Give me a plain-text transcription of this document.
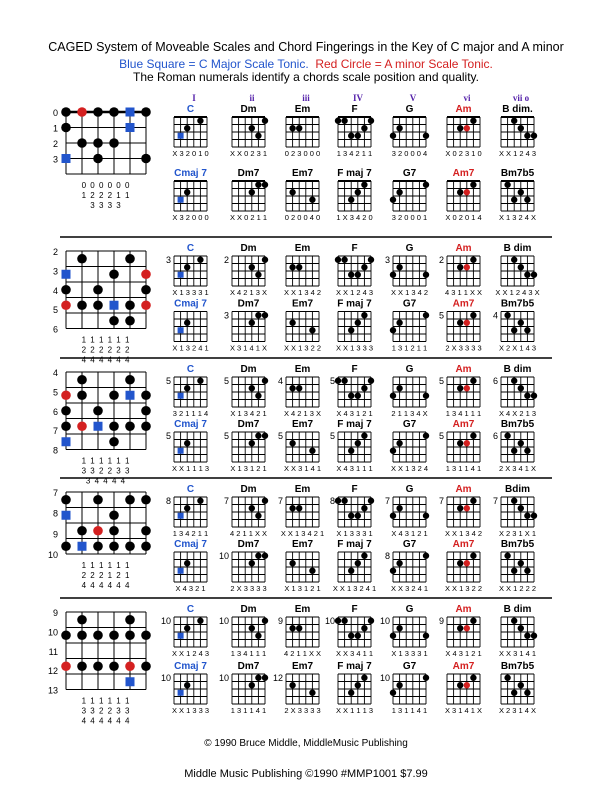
CAGED System of Moveable Scales and Chord Fingerings in the Key of C major and A minor
Blue Square = C Major Scale Tonic. Red Circle = A minor Scale Tonic.
The Roman numerals identify a chords scale position and quality.
I	ii	iii	IV	V	vi	vii o
0
1
2
3
0 0 0 0 0 0
1 2 2 2 1 1
3 3 3 3
C
X 3 2 0 1 0
Dm
X X 0 2 3 1
Em
0 2 3 0 0 0
F
1 3 4 2 1 1
G
3 2 0 0 0 4
Am
X 0 2 3 1 0
B dim.
X X 1 2 4 3
Cmaj 7
X 3 2 0 0 0
Dm7
X X 0 2 1 1
Em7
0 2 0 0 4 0
F maj 7
1 X 3 4 2 0
G7
3 2 0 0 0 1
Am7
X 0 2 0 1 4
Bm7b5
X 1 3 2 4 X
2
3
4
5
6
1 1 1 1 1 1
2 2 2 2 2 2
4 4 4 4 4 4
C
3
X 1 3 3 3 1
Dm
2
X 4 2 1 3 X
Em
X X 1 3 4 2
F
X X 1 2 4 3
G
3
X X 1 3 4 2
Am
2
4 3 1 1 X X
B dim
X X 1 2 4 3 X
Cmaj 7
X 1 3 2 4 1
Dm7
3
X 3 1 4 1 X
Em7
X X 1 3 2 2
F maj 7
X X 1 3 3 3
G7
1 3 1 2 1 1
Am7
5
2 X 3 3 3 3
Bm7b5
4
X 2 X 1 4 3
4
5
6
7
8
1 1 1 1 1 1
3 3 2 2 3 3
3 4 4 4 4
C
5
3 2 1 1 1 4
Dm
5
X 1 3 4 2 1
Em
4
X 4 2 1 3 X
F
5
X 4 3 1 2 1
G
2 1 1 3 4 X
Am
5
1 3 4 1 1 1
B dim
6
X 4 X 2 1 3
Cmaj 7
5
X X 1 1 1 3
Dm7
5
X 1 3 1 2 1
Em7
5
X X 3 1 4 1
F maj 7
5
X 4 3 1 1 1
G7
X X 1 3 2 4
Am7
5
1 3 1 1 4 1
Bm7b5
6
2 X 3 4 1 X
7
8
9
10
1 1 1 1 1 1
2 2 2 1 2 1
4 4 4 4 4 4
C
8
1 3 4 2 1 1
Dm
7
4 2 1 1 X X
Em
7
X X 1 3 4 2 1
F
8
X 1 3 3 3 1
G
7
X 4 3 1 2 1
Am
7
X X 1 3 4 2
Bdim
7
X 2 3 1 X 1
Cmaj 7
X 4 3 2 1
Dm7
10
2 X 3 3 3 3
Em7
X 1 3 1 2 1
F maj 7
X X 1 3 2 4 1
G7
8
X X 3 2 4 1
Am7
X X 1 3 2 2
Bm7b5
X X 1 2 2 2
9
10
11
12
13
1 1 1 1 1 1
3 3 2 2 3 3
4 4 4 4 4 4
C
10
X X 1 2 4 3
Dm
10
1 3 4 1 1 1
Em
9
4 2 1 1 X X
F
10
X X 3 4 1 1
G
10
X 1 3 3 3 1
Am
9
X 4 3 1 2 1
B dim
X X 3 1 4 1
Cmaj 7
10
X X 1 3 3 3
Dm7
10
1 3 1 1 4 1
Em7
12
2 X 3 3 3 3
F maj 7
X X 1 1 1 3
G7
10
1 3 1 1 4 1
Am7
X 3 1 4 1 X
Bm7b5
X 2 3 1 4 X
© 1990 Bruce Middle, MiddleMusic Publishing
Middle Music Publishing ©1990 #MMP1001 $7.99
